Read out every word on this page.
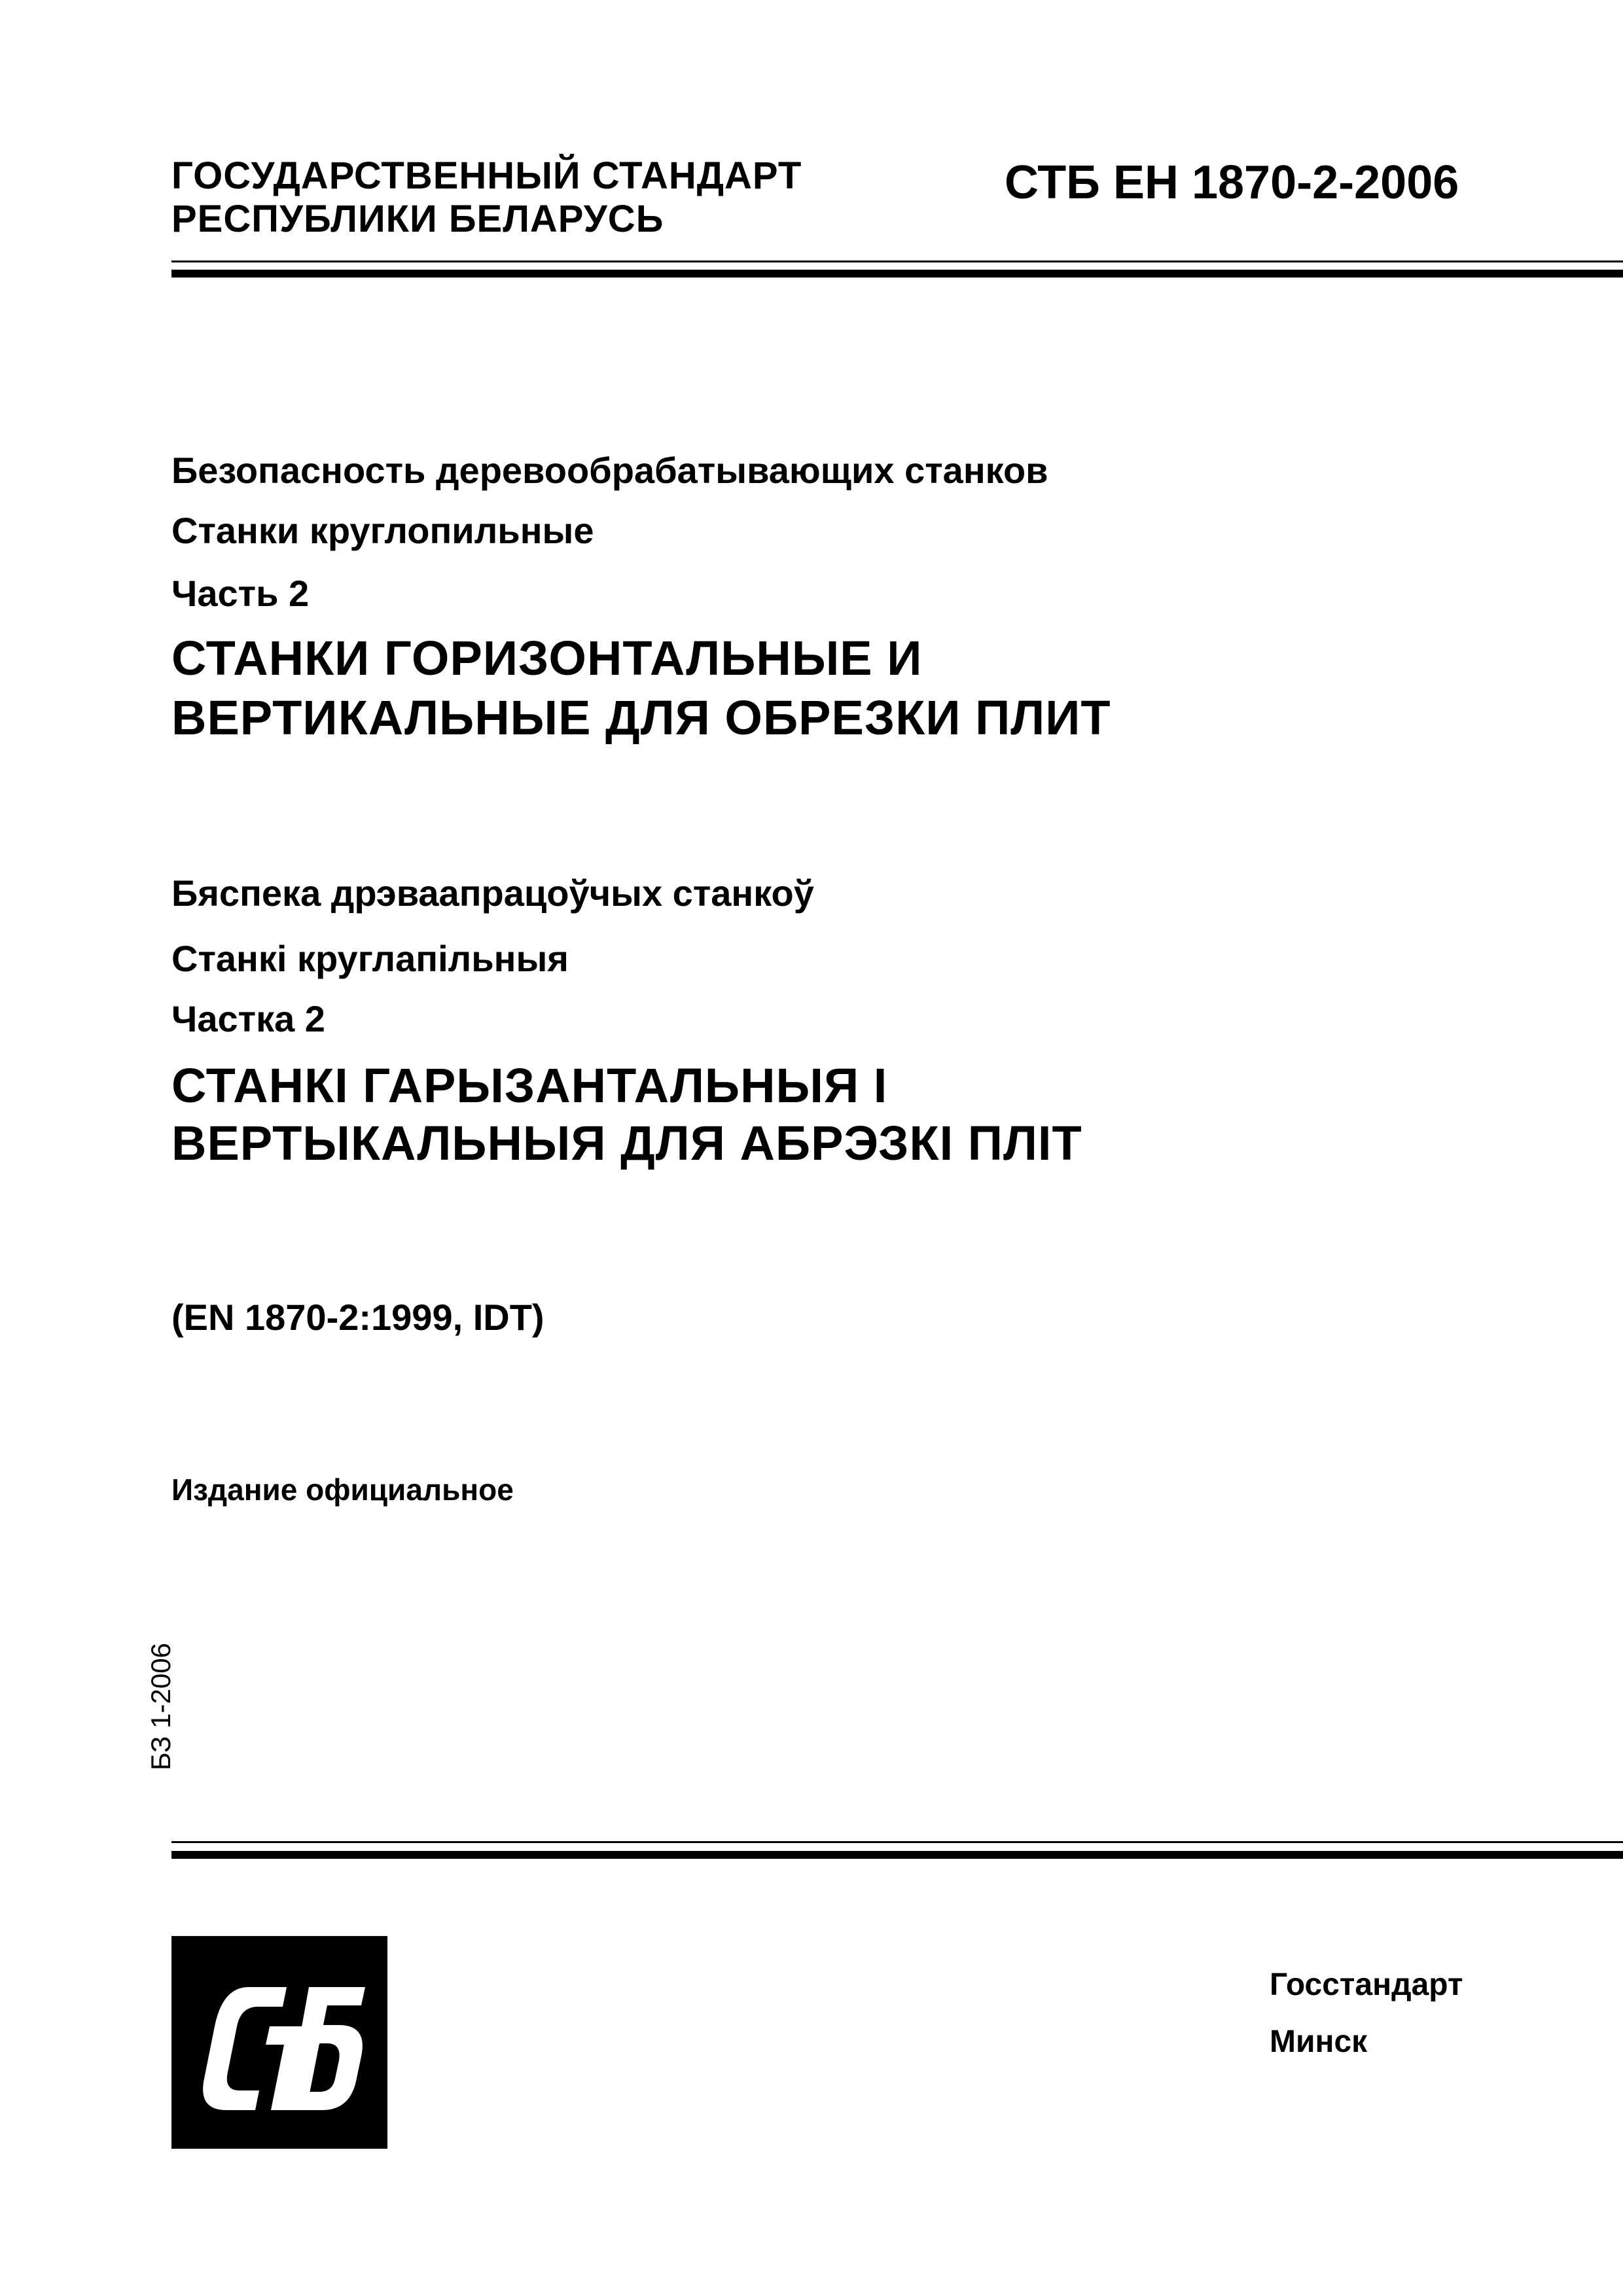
ГОСУДАРСТВЕННЫЙ СТАНДАРТ
РЕСПУБЛИКИ БЕЛАРУСЬ
СТБ ЕН 1870-2-2006
Безопасность деревообрабатывающих станков
Станки круглопильные
Часть 2
СТАНКИ ГОРИЗОНТАЛЬНЫЕ И
ВЕРТИКАЛЬНЫЕ ДЛЯ ОБРЕЗКИ ПЛИТ
Бяспека дрэваапрацоўчых станкоў
Станкі круглапільныя
Частка 2
СТАНКІ ГАРЫЗАНТАЛЬНЫЯ І
ВЕРТЫКАЛЬНЫЯ ДЛЯ АБРЭЗКІ ПЛІТ
(EN 1870-2:1999, IDT)
Издание официальное
БЗ 1-2006
Госстандарт
Минск
